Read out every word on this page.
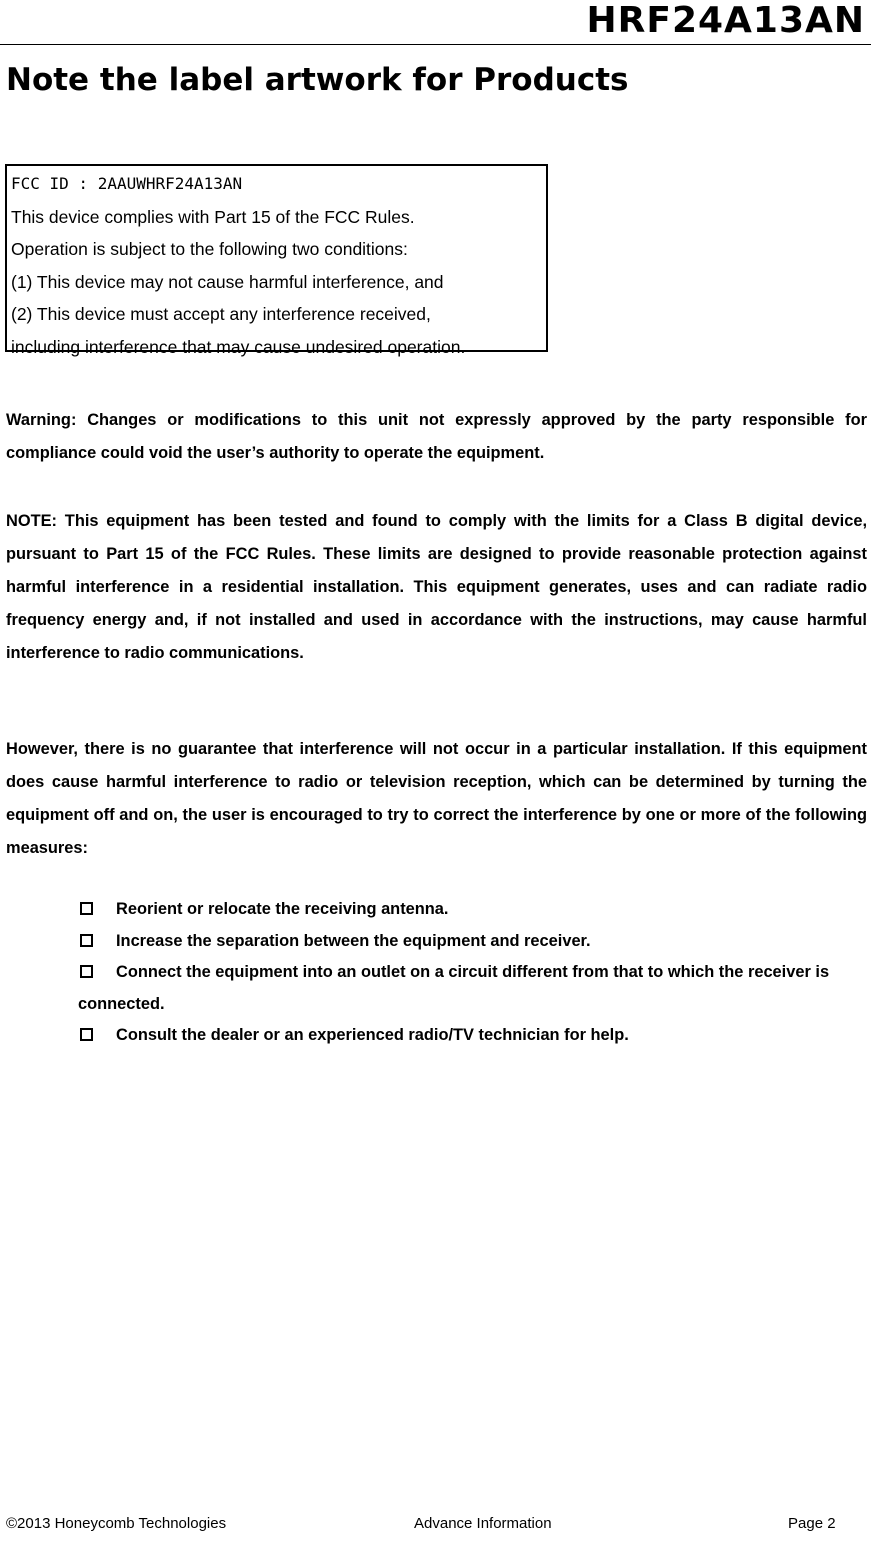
HRF24A13AN
Note the label artwork for Products
FCC ID : 2AAUWHRF24A13AN
This device complies with Part 15 of the FCC Rules.
Operation is subject to the following two conditions:
(1) This device may not cause harmful interference, and
(2) This device must accept any interference received,
including interference that may cause undesired operation.
Warning: Changes or modifications to this unit not expressly approved by the party responsible for compliance could void the user’s authority to operate the equipment.
NOTE: This equipment has been tested and found to comply with the limits for a Class B digital device, pursuant to Part 15 of the FCC Rules. These limits are designed to provide reasonable protection against harmful interference in a residential installation. This equipment generates, uses and can radiate radio frequency energy and, if not installed and used in accordance with the instructions, may cause harmful interference to radio communications.
However, there is no guarantee that interference will not occur in a particular installation. If this equipment does cause harmful interference to radio or television reception, which can be determined by turning the equipment off and on, the user is encouraged to try to correct the interference by one or more of the following measures:
Reorient or relocate the receiving antenna.
Increase the separation between the equipment and receiver.
Connect the equipment into an outlet on a circuit different from that to which the receiver is connected.
Consult the dealer or an experienced radio/TV technician for help.
©2013 Honeycomb Technologies	Advance Information	Page 2
